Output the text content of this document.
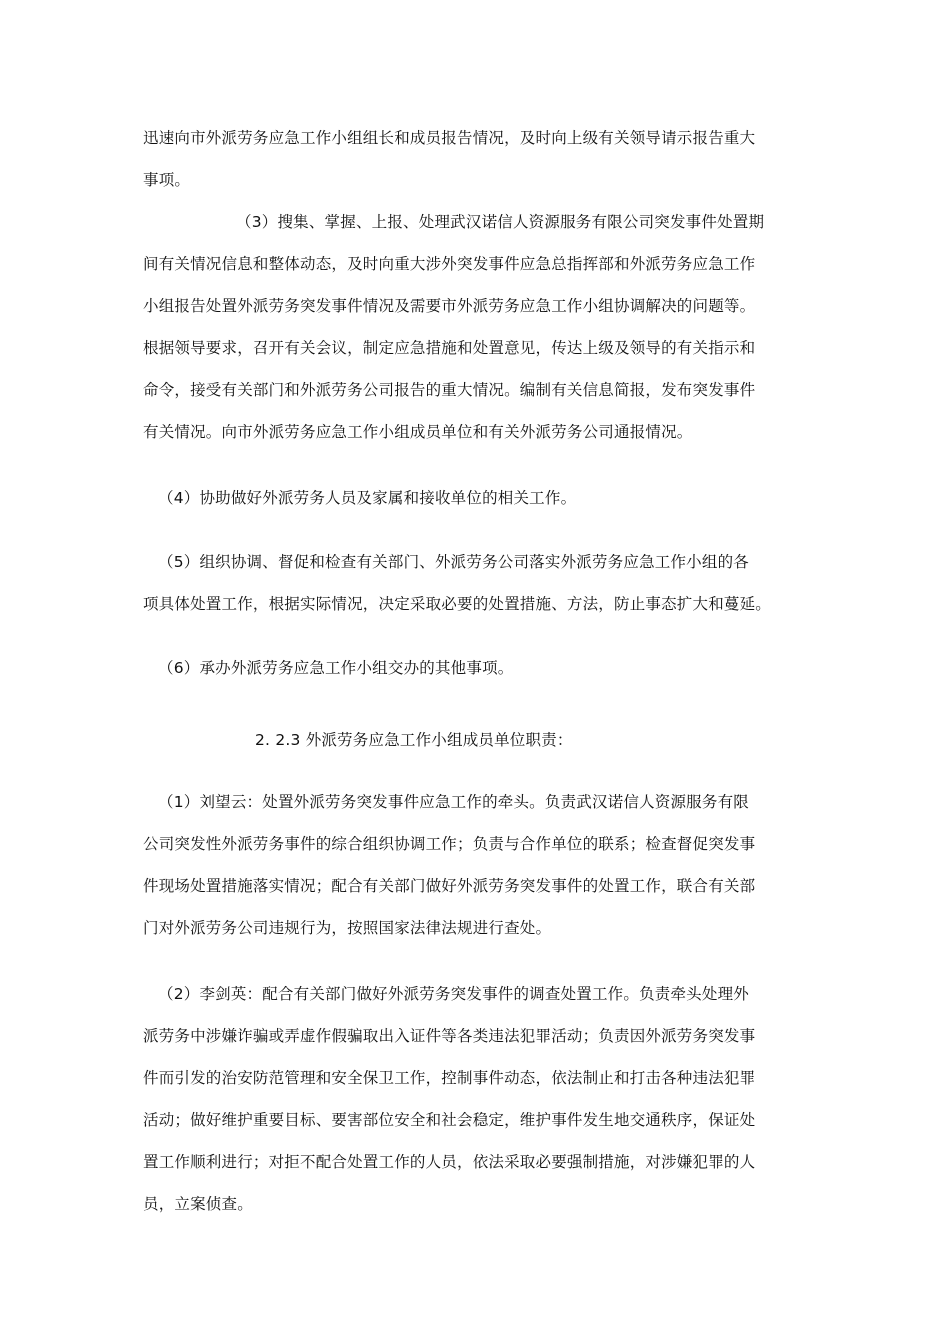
迅速向市外派劳务应急工作小组组长和成员报告情况，及时向上级有关领导请示报告重大
事项。
（3）搜集、掌握、上报、处理武汉诺信人资源服务有限公司突发事件处置期
间有关情况信息和整体动态，及时向重大涉外突发事件应急总指挥部和外派劳务应急工作
小组报告处置外派劳务突发事件情况及需要市外派劳务应急工作小组协调解决的问题等。
根据领导要求，召开有关会议，制定应急措施和处置意见，传达上级及领导的有关指示和
命令，接受有关部门和外派劳务公司报告的重大情况。编制有关信息简报，发布突发事件
有关情况。向市外派劳务应急工作小组成员单位和有关外派劳务公司通报情况。
（4）协助做好外派劳务人员及家属和接收单位的相关工作。
（5）组织协调、督促和检查有关部门、外派劳务公司落实外派劳务应急工作小组的各
项具体处置工作，根据实际情况，决定采取必要的处置措施、方法，防止事态扩大和蔓延。
（6）承办外派劳务应急工作小组交办的其他事项。
2. 2.3 外派劳务应急工作小组成员单位职责：
（1）刘望云：处置外派劳务突发事件应急工作的牵头。负责武汉诺信人资源服务有限
公司突发性外派劳务事件的综合组织协调工作；负责与合作单位的联系；检查督促突发事
件现场处置措施落实情况；配合有关部门做好外派劳务突发事件的处置工作，联合有关部
门对外派劳务公司违规行为，按照国家法律法规进行查处。
（2）李剑英：配合有关部门做好外派劳务突发事件的调查处置工作。负责牵头处理外
派劳务中涉嫌诈骗或弄虚作假骗取出入证件等各类违法犯罪活动；负责因外派劳务突发事
件而引发的治安防范管理和安全保卫工作，控制事件动态，依法制止和打击各种违法犯罪
活动；做好维护重要目标、要害部位安全和社会稳定，维护事件发生地交通秩序，保证处
置工作顺利进行；对拒不配合处置工作的人员，依法采取必要强制措施，对涉嫌犯罪的人
员，立案侦查。
